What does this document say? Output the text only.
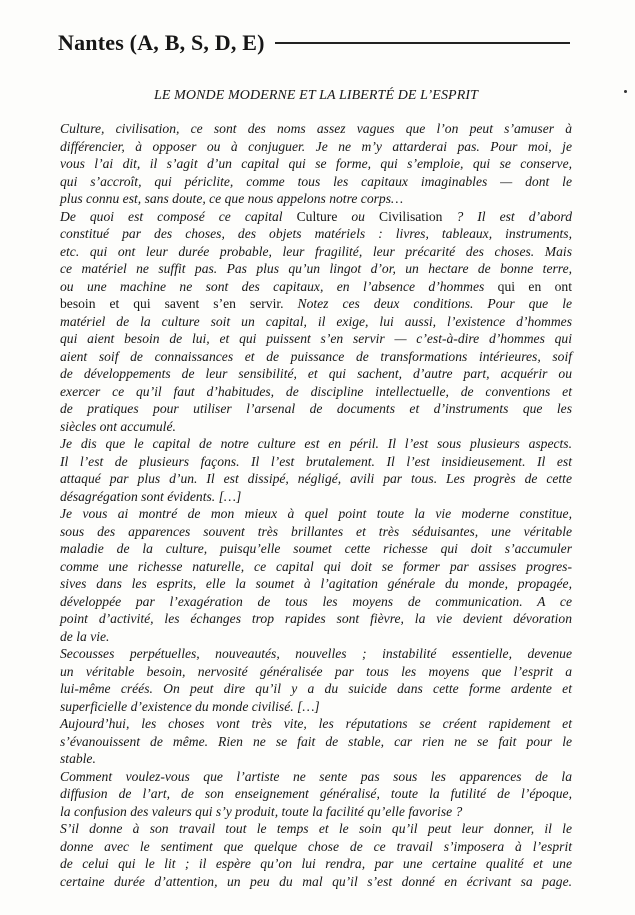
Nantes (A, B, S, D, E)
LE MONDE MODERNE ET LA LIBERTÉ DE L’ESPRIT
Culture, civilisation, ce sont des noms assez vagues que l’on peut s’amuser à
différencier, à opposer ou à conjuguer. Je ne m’y attarderai pas. Pour moi, je
vous l’ai dit, il s’agit d’un capital qui se forme, qui s’emploie, qui se conserve,
qui s’accroît, qui périclite, comme tous les capitaux imaginables — dont le
plus connu est, sans doute, ce que nous appelons notre corps…
De quoi est composé ce capital Culture ou Civilisation ? Il est d’abord
constitué par des choses, des objets matériels : livres, tableaux, instruments,
etc. qui ont leur durée probable, leur fragilité, leur précarité des choses. Mais
ce matériel ne suffit pas. Pas plus qu’un lingot d’or, un hectare de bonne terre,
ou une machine ne sont des capitaux, en l’absence d’hommes qui en ont
besoin et qui savent s’en servir. Notez ces deux conditions. Pour que le
matériel de la culture soit un capital, il exige, lui aussi, l’existence d’hommes
qui aient besoin de lui, et qui puissent s’en servir — c’est-à-dire d’hommes qui
aient soif de connaissances et de puissance de transformations intérieures, soif
de développements de leur sensibilité, et qui sachent, d’autre part, acquérir ou
exercer ce qu’il faut d’habitudes, de discipline intellectuelle, de conventions et
de pratiques pour utiliser l’arsenal de documents et d’instruments que les
siècles ont accumulé.
Je dis que le capital de notre culture est en péril. Il l’est sous plusieurs aspects.
Il l’est de plusieurs façons. Il l’est brutalement. Il l’est insidieusement. Il est
attaqué par plus d’un. Il est dissipé, négligé, avili par tous. Les progrès de cette
désagrégation sont évidents. […]
Je vous ai montré de mon mieux à quel point toute la vie moderne constitue,
sous des apparences souvent très brillantes et très séduisantes, une véritable
maladie de la culture, puisqu’elle soumet cette richesse qui doit s’accumuler
comme une richesse naturelle, ce capital qui doit se former par assises progres-
sives dans les esprits, elle la soumet à l’agitation générale du monde, propagée,
développée par l’exagération de tous les moyens de communication. A ce
point d’activité, les échanges trop rapides sont fièvre, la vie devient dévoration
de la vie.
Secousses perpétuelles, nouveautés, nouvelles ; instabilité essentielle, devenue
un véritable besoin, nervosité généralisée par tous les moyens que l’esprit a
lui-même créés. On peut dire qu’il y a du suicide dans cette forme ardente et
superficielle d’existence du monde civilisé. […]
Aujourd’hui, les choses vont très vite, les réputations se créent rapidement et
s’évanouissent de même. Rien ne se fait de stable, car rien ne se fait pour le
stable.
Comment voulez-vous que l’artiste ne sente pas sous les apparences de la
diffusion de l’art, de son enseignement généralisé, toute la futilité de l’époque,
la confusion des valeurs qui s’y produit, toute la facilité qu’elle favorise ?
S’il donne à son travail tout le temps et le soin qu’il peut leur donner, il le
donne avec le sentiment que quelque chose de ce travail s’imposera à l’esprit
de celui qui le lit ; il espère qu’on lui rendra, par une certaine qualité et une
certaine durée d’attention, un peu du mal qu’il s’est donné en écrivant sa page.
